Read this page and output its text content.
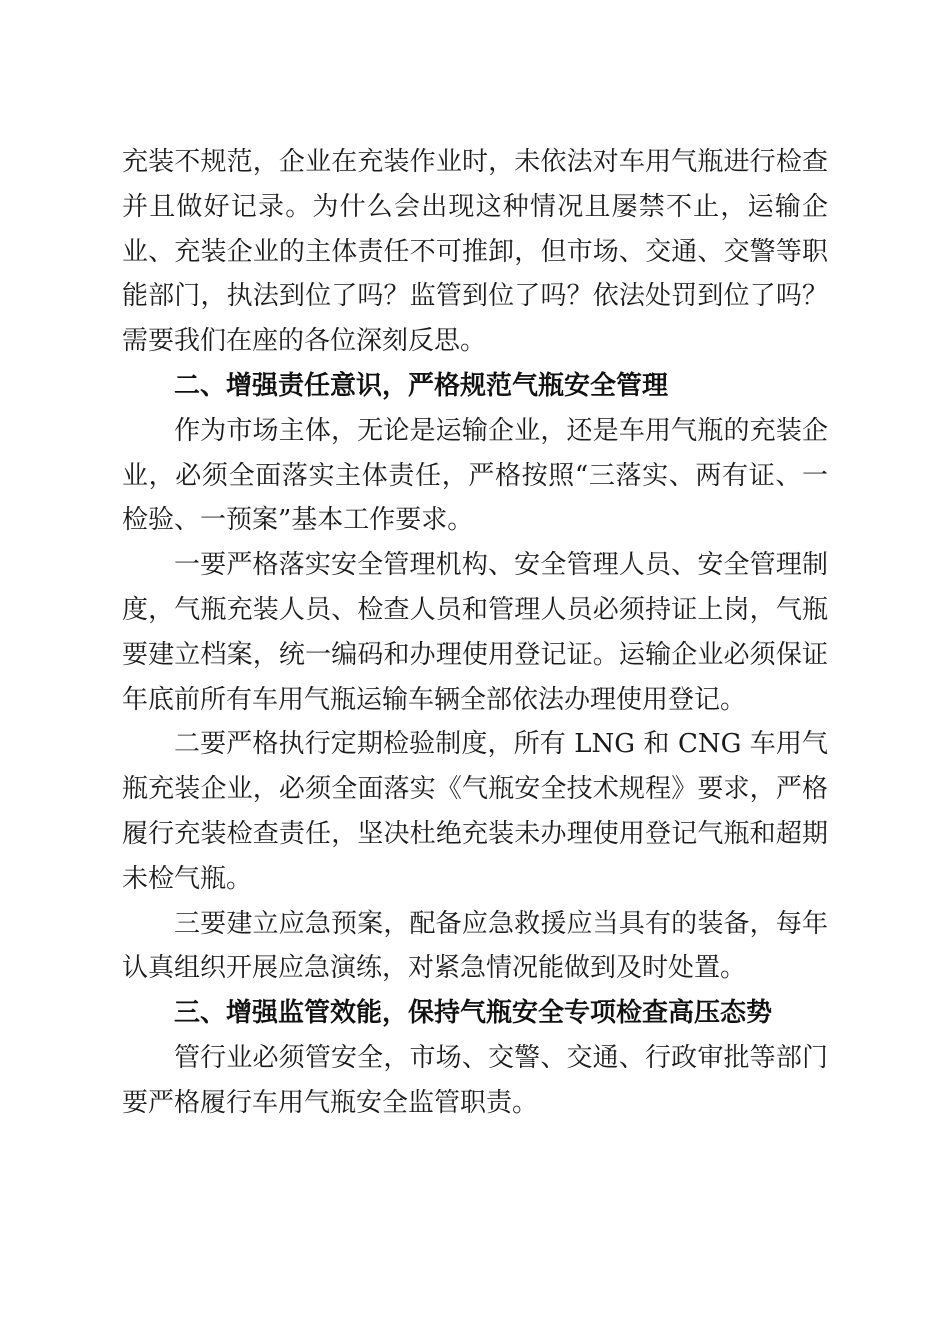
充装不规范，企业在充装作业时，未依法对车用气瓶进行检查并且做好记录。为什么会出现这种情况且屡禁不止，运输企业、充装企业的主体责任不可推卸，但市场、交通、交警等职能部门，执法到位了吗？监管到位了吗？依法处罚到位了吗？需要我们在座的各位深刻反思。

二、增强责任意识，严格规范气瓶安全管理

作为市场主体，无论是运输企业，还是车用气瓶的充装企业，必须全面落实主体责任，严格按照“三落实、两有证、一检验、一预案”基本工作要求。

一要严格落实安全管理机构、安全管理人员、安全管理制度，气瓶充装人员、检查人员和管理人员必须持证上岗，气瓶要建立档案，统一编码和办理使用登记证。运输企业必须保证年底前所有车用气瓶运输车辆全部依法办理使用登记。

二要严格执行定期检验制度，所有 LNG 和 CNG 车用气瓶充装企业，必须全面落实《气瓶安全技术规程》要求，严格履行充装检查责任，坚决杜绝充装未办理使用登记气瓶和超期未检气瓶。

三要建立应急预案，配备应急救援应当具有的装备，每年认真组织开展应急演练，对紧急情况能做到及时处置。

三、增强监管效能，保持气瓶安全专项检查高压态势

管行业必须管安全，市场、交警、交通、行政审批等部门要严格履行车用气瓶安全监管职责。
